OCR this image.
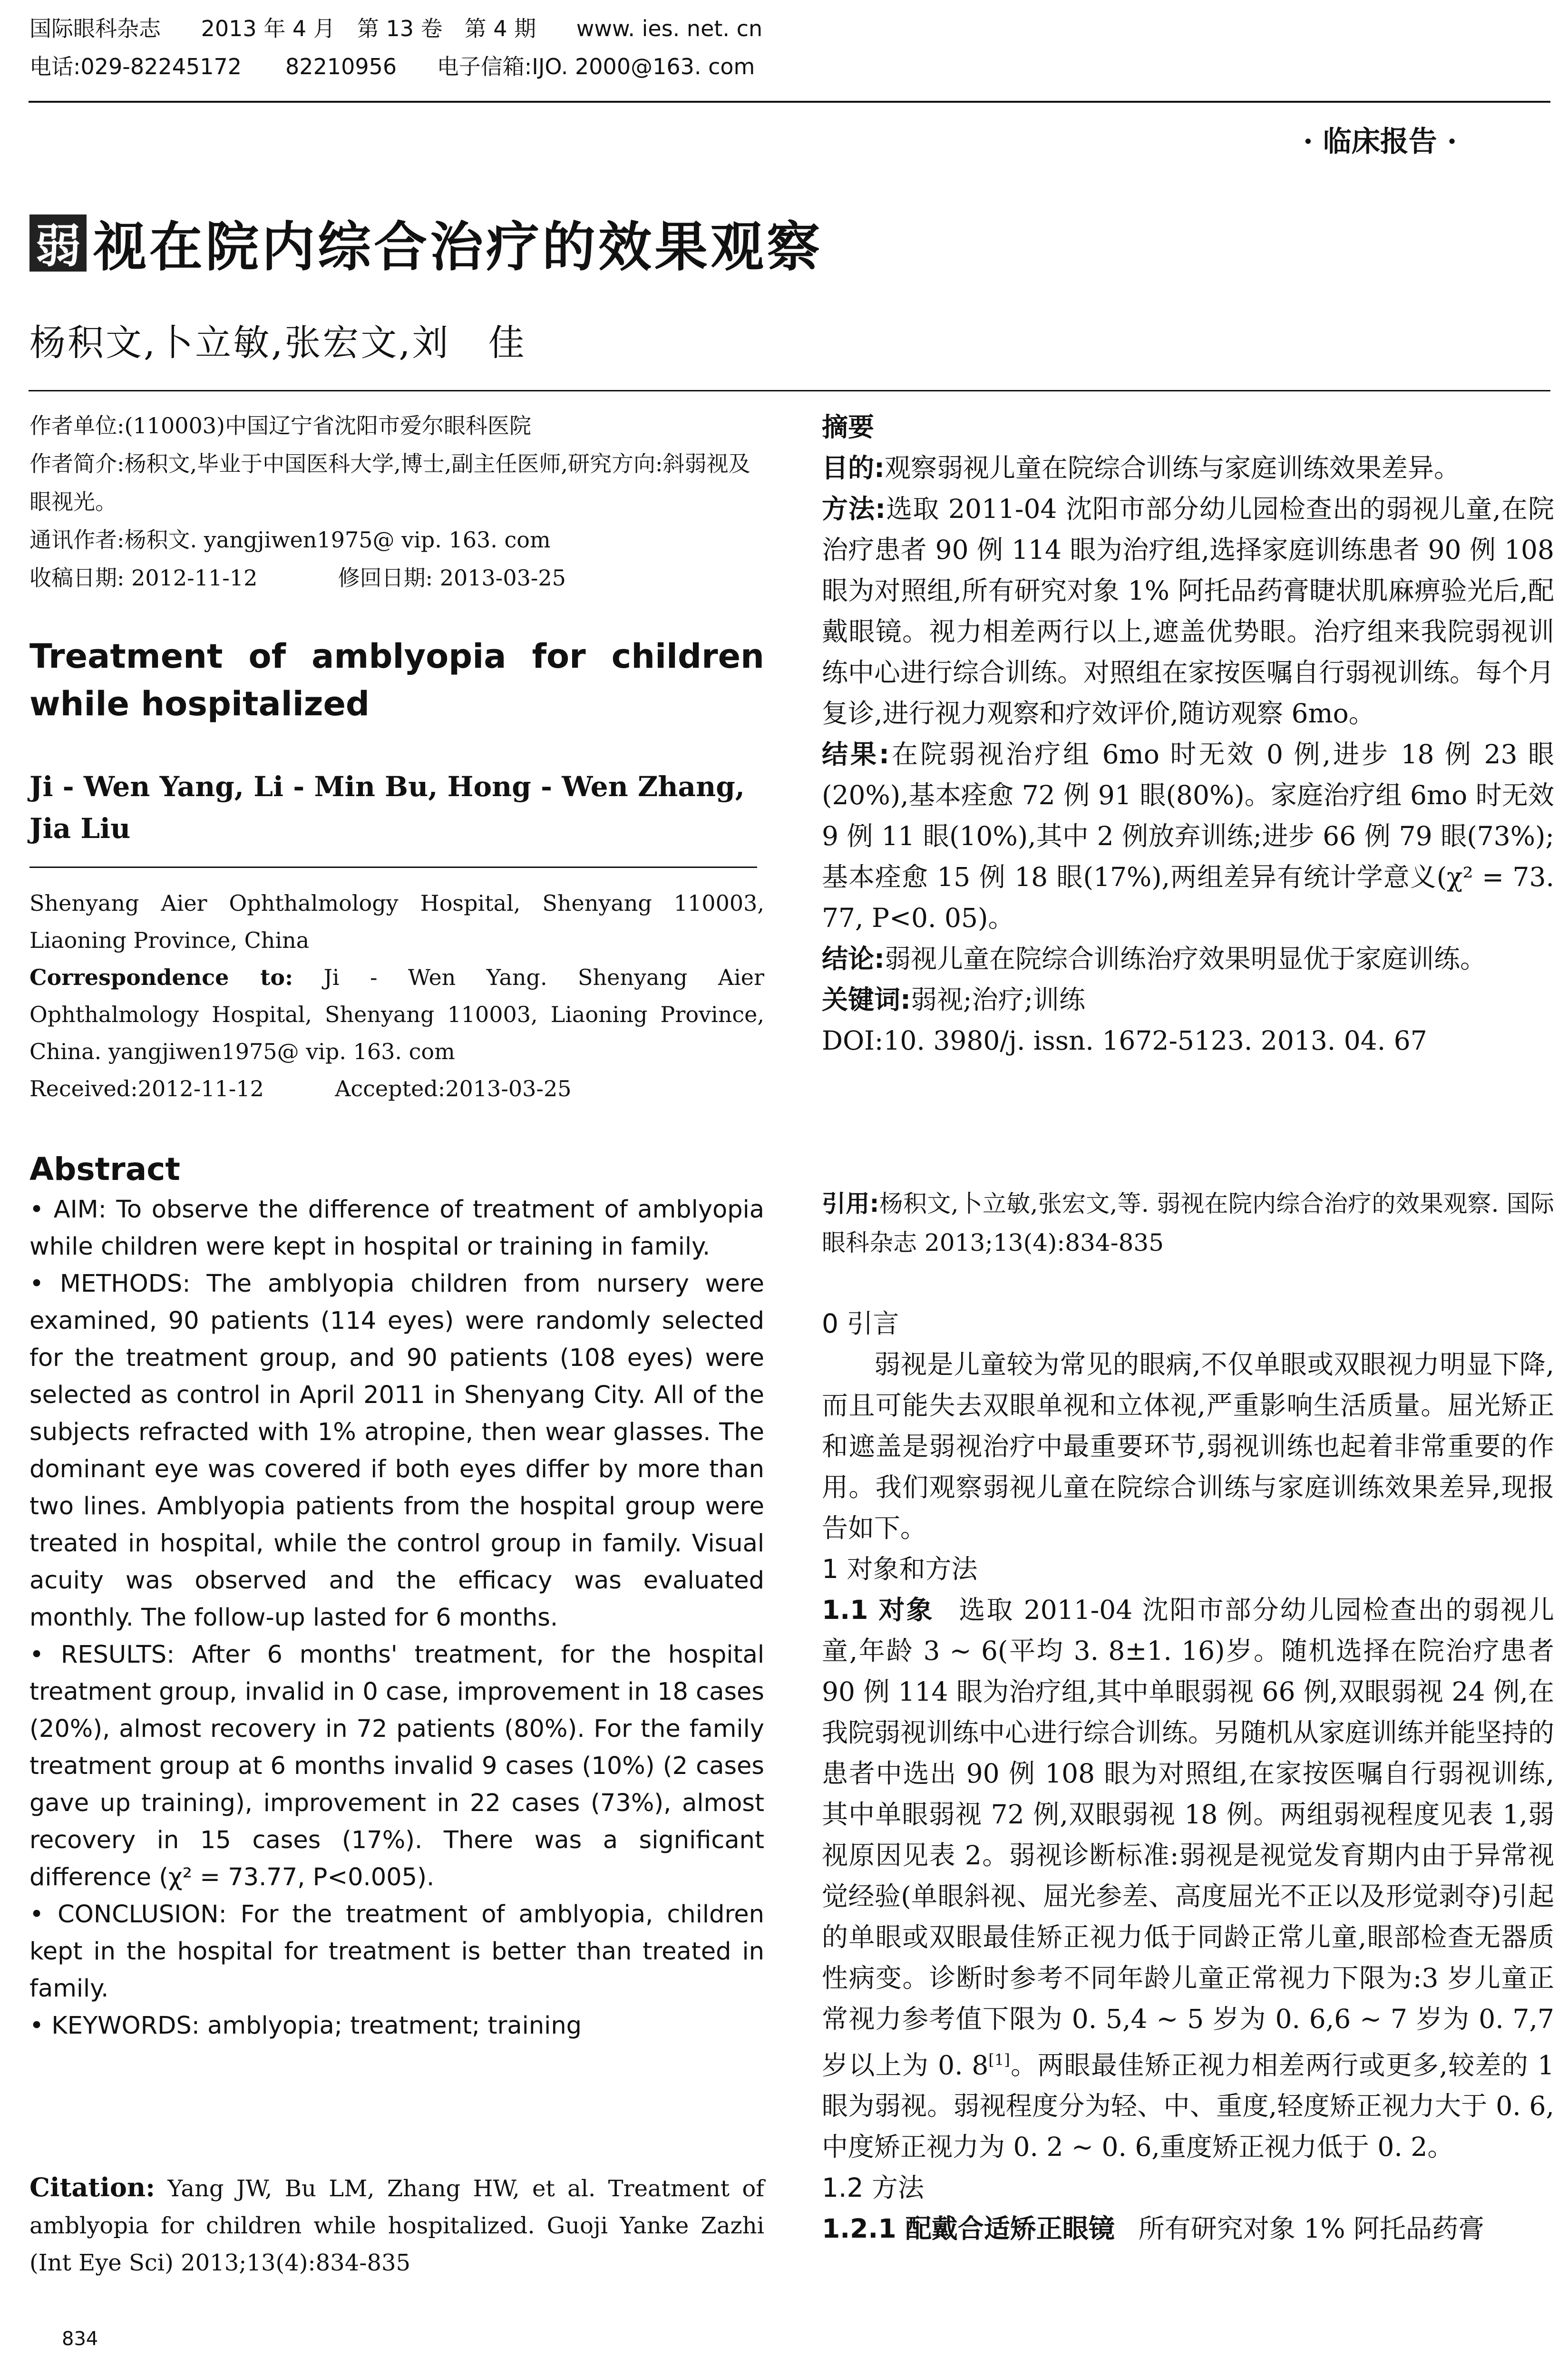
国际眼科杂志 2013 年 4 月　第 13 卷　第 4 期 www. ies. net. cn
电话:029-82245172　　82210956 电子信箱:IJO. 2000@163. com
· 临床报告 ·
弱 视在院内综合治疗的效果观察
杨积文,卜立敏,张宏文,刘　佳

作者单位:(110003)中国辽宁省沈阳市爱尔眼科医院

作者简介:杨积文,毕业于中国医科大学,博士,副主任医师,研究方向:斜弱视及眼视光。

通讯作者:杨积文. yangjiwen1975@ vip. 163. com

收稿日期: 2012-11-12	修回日期: 2013-03-25

Treatment of amblyopia for children while hospitalized
Ji - Wen Yang, Li - Min Bu, Hong - Wen Zhang, Jia Liu

Shenyang Aier Ophthalmology Hospital, Shenyang 110003, Liaoning Province, China

Correspondence to: Ji - Wen Yang. Shenyang Aier Ophthalmology Hospital, Shenyang 110003, Liaoning Province, China. yangjiwen1975@ vip. 163. com

Received:2012-11-12	Accepted:2013-03-25

Abstract

• AIM: To observe the difference of treatment of amblyopia while children were kept in hospital or training in family.

• METHODS: The amblyopia children from nursery were examined, 90 patients (114 eyes) were randomly selected for the treatment group, and 90 patients (108 eyes) were selected as control in April 2011 in Shenyang City. All of the subjects refracted with 1% atropine, then wear glasses. The dominant eye was covered if both eyes differ by more than two lines. Amblyopia patients from the hospital group were treated in hospital, while the control group in family. Visual acuity was observed and the efficacy was evaluated monthly. The follow-up lasted for 6 months.

• RESULTS: After 6 months' treatment, for the hospital treatment group, invalid in 0 case, improvement in 18 cases (20%), almost recovery in 72 patients (80%). For the family treatment group at 6 months invalid 9 cases (10%) (2 cases gave up training), improvement in 22 cases (73%), almost recovery in 15 cases (17%). There was a significant difference (χ² = 73.77, P<0.005).

• CONCLUSION: For the treatment of amblyopia, children kept in the hospital for treatment is better than treated in family.

• KEYWORDS: amblyopia; treatment; training

Citation: Yang JW, Bu LM, Zhang HW, et al. Treatment of amblyopia for children while hospitalized. Guoji Yanke Zazhi (Int Eye Sci) 2013;13(4):834-835

834

摘要

目的:观察弱视儿童在院综合训练与家庭训练效果差异。

方法:选取 2011-04 沈阳市部分幼儿园检查出的弱视儿童,在院治疗患者 90 例 114 眼为治疗组,选择家庭训练患者 90 例 108 眼为对照组,所有研究对象 1% 阿托品药膏睫状肌麻痹验光后,配戴眼镜。视力相差两行以上,遮盖优势眼。治疗组来我院弱视训练中心进行综合训练。对照组在家按医嘱自行弱视训练。每个月复诊,进行视力观察和疗效评价,随访观察 6mo。

结果:在院弱视治疗组 6mo 时无效 0 例,进步 18 例 23 眼(20%),基本痊愈 72 例 91 眼(80%)。家庭治疗组 6mo 时无效 9 例 11 眼(10%),其中 2 例放弃训练;进步 66 例 79 眼(73%);基本痊愈 15 例 18 眼(17%),两组差异有统计学意义(χ² = 73. 77, P<0. 05)。

结论:弱视儿童在院综合训练治疗效果明显优于家庭训练。

关键词:弱视;治疗;训练

DOI:10. 3980/j. issn. 1672-5123. 2013. 04. 67

引用:杨积文,卜立敏,张宏文,等. 弱视在院内综合治疗的效果观察. 国际眼科杂志 2013;13(4):834-835

0 引言

弱视是儿童较为常见的眼病,不仅单眼或双眼视力明显下降,而且可能失去双眼单视和立体视,严重影响生活质量。屈光矫正和遮盖是弱视治疗中最重要环节,弱视训练也起着非常重要的作用。我们观察弱视儿童在院综合训练与家庭训练效果差异,现报告如下。

1 对象和方法

1.1 对象 选取 2011-04 沈阳市部分幼儿园检查出的弱视儿童,年龄 3 ~ 6(平均 3. 8±1. 16)岁。随机选择在院治疗患者 90 例 114 眼为治疗组,其中单眼弱视 66 例,双眼弱视 24 例,在我院弱视训练中心进行综合训练。另随机从家庭训练并能坚持的患者中选出 90 例 108 眼为对照组,在家按医嘱自行弱视训练,其中单眼弱视 72 例,双眼弱视 18 例。两组弱视程度见表 1,弱视原因见表 2。弱视诊断标准:弱视是视觉发育期内由于异常视觉经验(单眼斜视、屈光参差、高度屈光不正以及形觉剥夺)引起的单眼或双眼最佳矫正视力低于同龄正常儿童,眼部检查无器质性病变。诊断时参考不同年龄儿童正常视力下限为:3 岁儿童正常视力参考值下限为 0. 5,4 ~ 5 岁为 0. 6,6 ~ 7 岁为 0. 7,7 岁以上为 0. 8[1]。两眼最佳矫正视力相差两行或更多,较差的 1 眼为弱视。弱视程度分为轻、中、重度,轻度矫正视力大于 0. 6,中度矫正视力为 0. 2 ~ 0. 6,重度矫正视力低于 0. 2。

1.2 方法

1.2.1 配戴合适矫正眼镜 所有研究对象 1% 阿托品药膏
